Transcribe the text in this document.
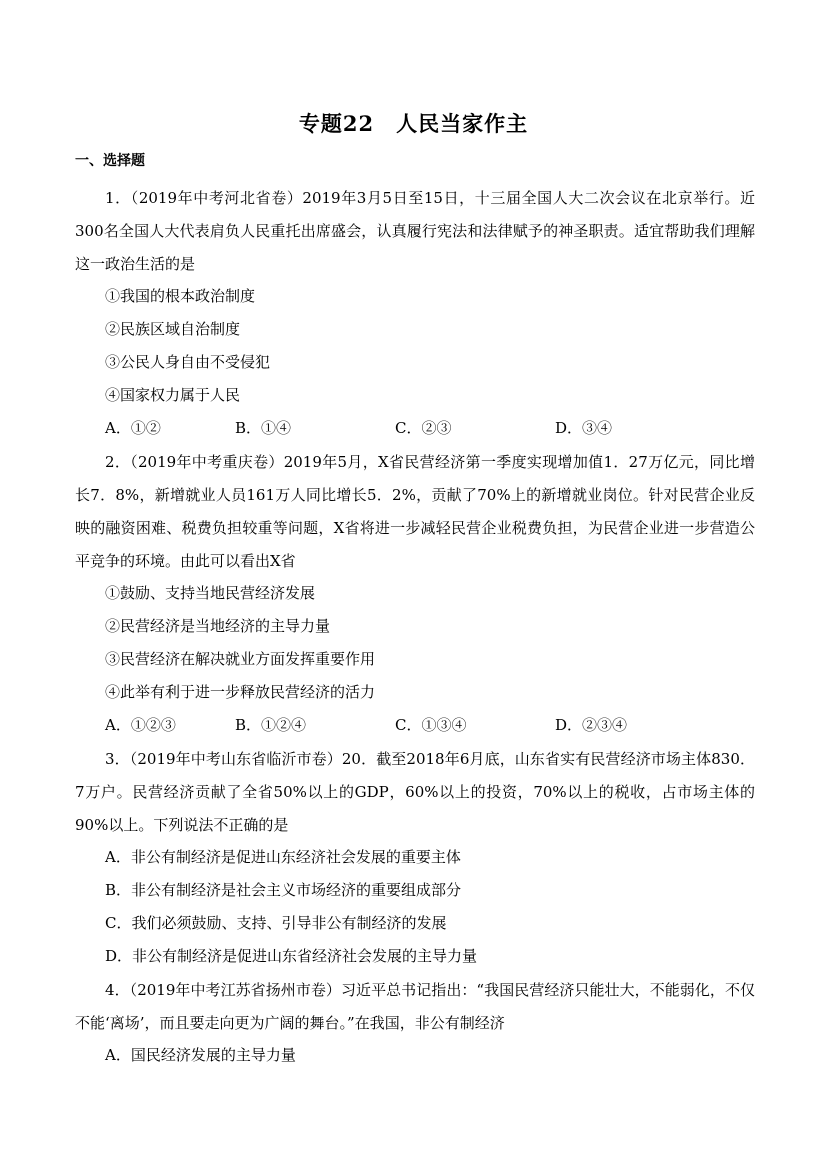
专题22　人民当家作主
一、选择题

1．（2019年中考河北省卷）2019年3月5日至15日，十三届全国人大二次会议在北京举行。近300名全国人大代表肩负人民重托出席盛会，认真履行宪法和法律赋予的神圣职责。适宜帮助我们理解这一政治生活的是

①我国的根本政治制度
②民族区域自治制度
③公民人身自由不受侵犯
④国家权力属于人民
A．①②	B．①④	C．②③	D．③④

2．（2019年中考重庆卷）2019年5月，X省民营经济第一季度实现增加值1．27万亿元，同比增长7．8%，新增就业人员161万人同比增长5．2%，贡献了70%上的新增就业岗位。针对民营企业反映的融资困难、税费负担较重等问题，X省将进一步减轻民营企业税费负担，为民营企业进一步营造公平竞争的环境。由此可以看出X省

①鼓励、支持当地民营经济发展
②民营经济是当地经济的主导力量
③民营经济在解决就业方面发挥重要作用
④此举有利于进一步释放民营经济的活力
A．①②③	B．①②④	C．①③④	D．②③④

3．（2019年中考山东省临沂市卷）20．截至2018年6月底，山东省实有民营经济市场主体830．7万户。民营经济贡献了全省50%以上的GDP，60%以上的投资，70%以上的税收，占市场主体的90%以上。下列说法不正确的是

A．非公有制经济是促进山东经济社会发展的重要主体
B．非公有制经济是社会主义市场经济的重要组成部分
C．我们必须鼓励、支持、引导非公有制经济的发展
D．非公有制经济是促进山东省经济社会发展的主导力量

4．（2019年中考江苏省扬州市卷）习近平总书记指出：“我国民营经济只能壮大，不能弱化，不仅不能‘离场’，而且要走向更为广阔的舞台。”在我国，非公有制经济

A．国民经济发展的主导力量
